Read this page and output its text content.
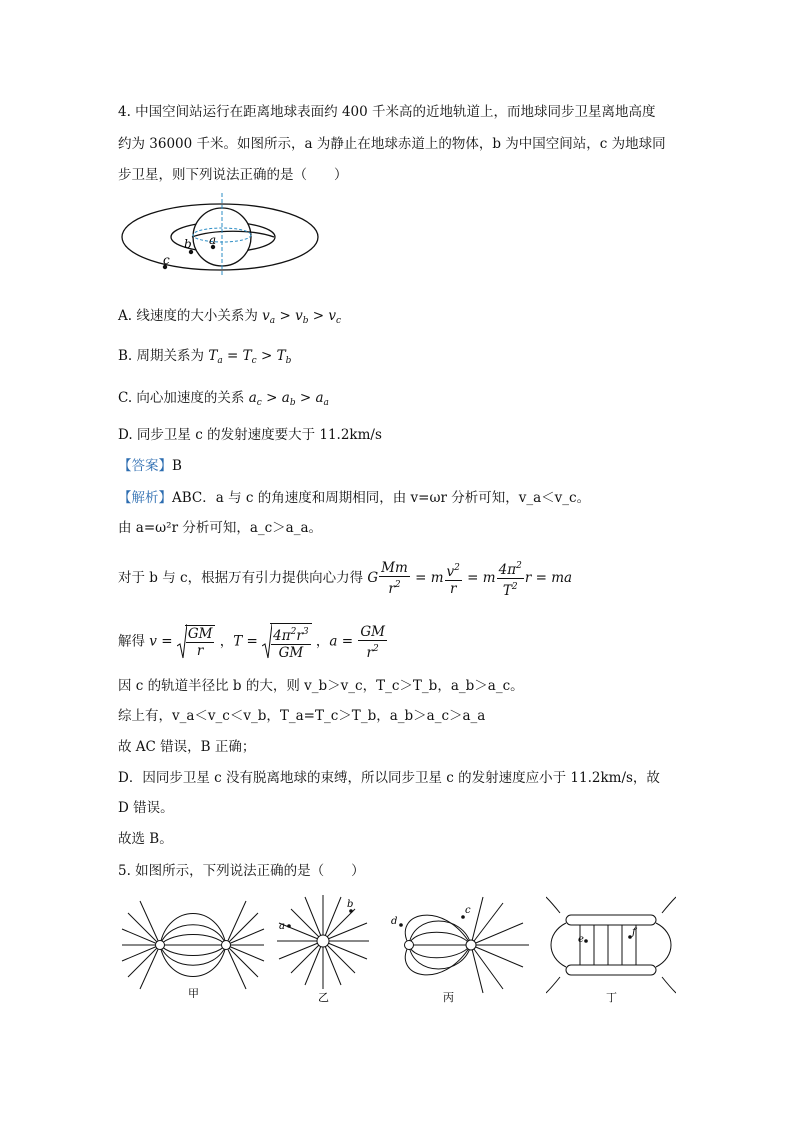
4. 中国空间站运行在距离地球表面约 400 千米高的近地轨道上，而地球同步卫星离地高度
约为 36000 千米。如图所示，a 为静止在地球赤道上的物体，b 为中国空间站，c 为地球同
步卫星，则下列说法正确的是（　　）
a
b
c
A. 线速度的大小关系为 $v_a > v_b > v_c$
B. 周期关系为 $T_a = T_c > T_b$
C. 向心加速度的关系 $a_c > a_b > a_a$
D. 同步卫星 c 的发射速度要大于 11.2km/s
【答案】B
【解析】ABC．a 与 c 的角速度和周期相同，由 v=ωr 分析可知，v_a＜v_c。
由 a=ω²r 分析可知，a_c＞a_a。
对于 b 与 c，根据万有引力提供向心力得 G $\frac{Mm}{r^2} = m \frac{v^2}{r} = m \frac{4\pi^2}{T^2}$ r = ma
解得 $v = \frac{GM}{r}$ ，$T = \frac{4\pi^2r^3}{GM}$ ，$a = \frac{GM}{r^2}$
因 c 的轨道半径比 b 的大，则 v_b＞v_c，T_c＞T_b，a_b＞a_c。
综上有，v_a＜v_c＜v_b，T_a=T_c＞T_b，a_b＞a_c＞a_a
故 AC 错误，B 正确；
D．因同步卫星 c 没有脱离地球的束缚，所以同步卫星 c 的发射速度应小于 11.2km/s，故
D 错误。
故选 B。
5. 如图所示，下列说法正确的是（　　）
甲
a
b
乙
d
c
丙
e
f
丁
